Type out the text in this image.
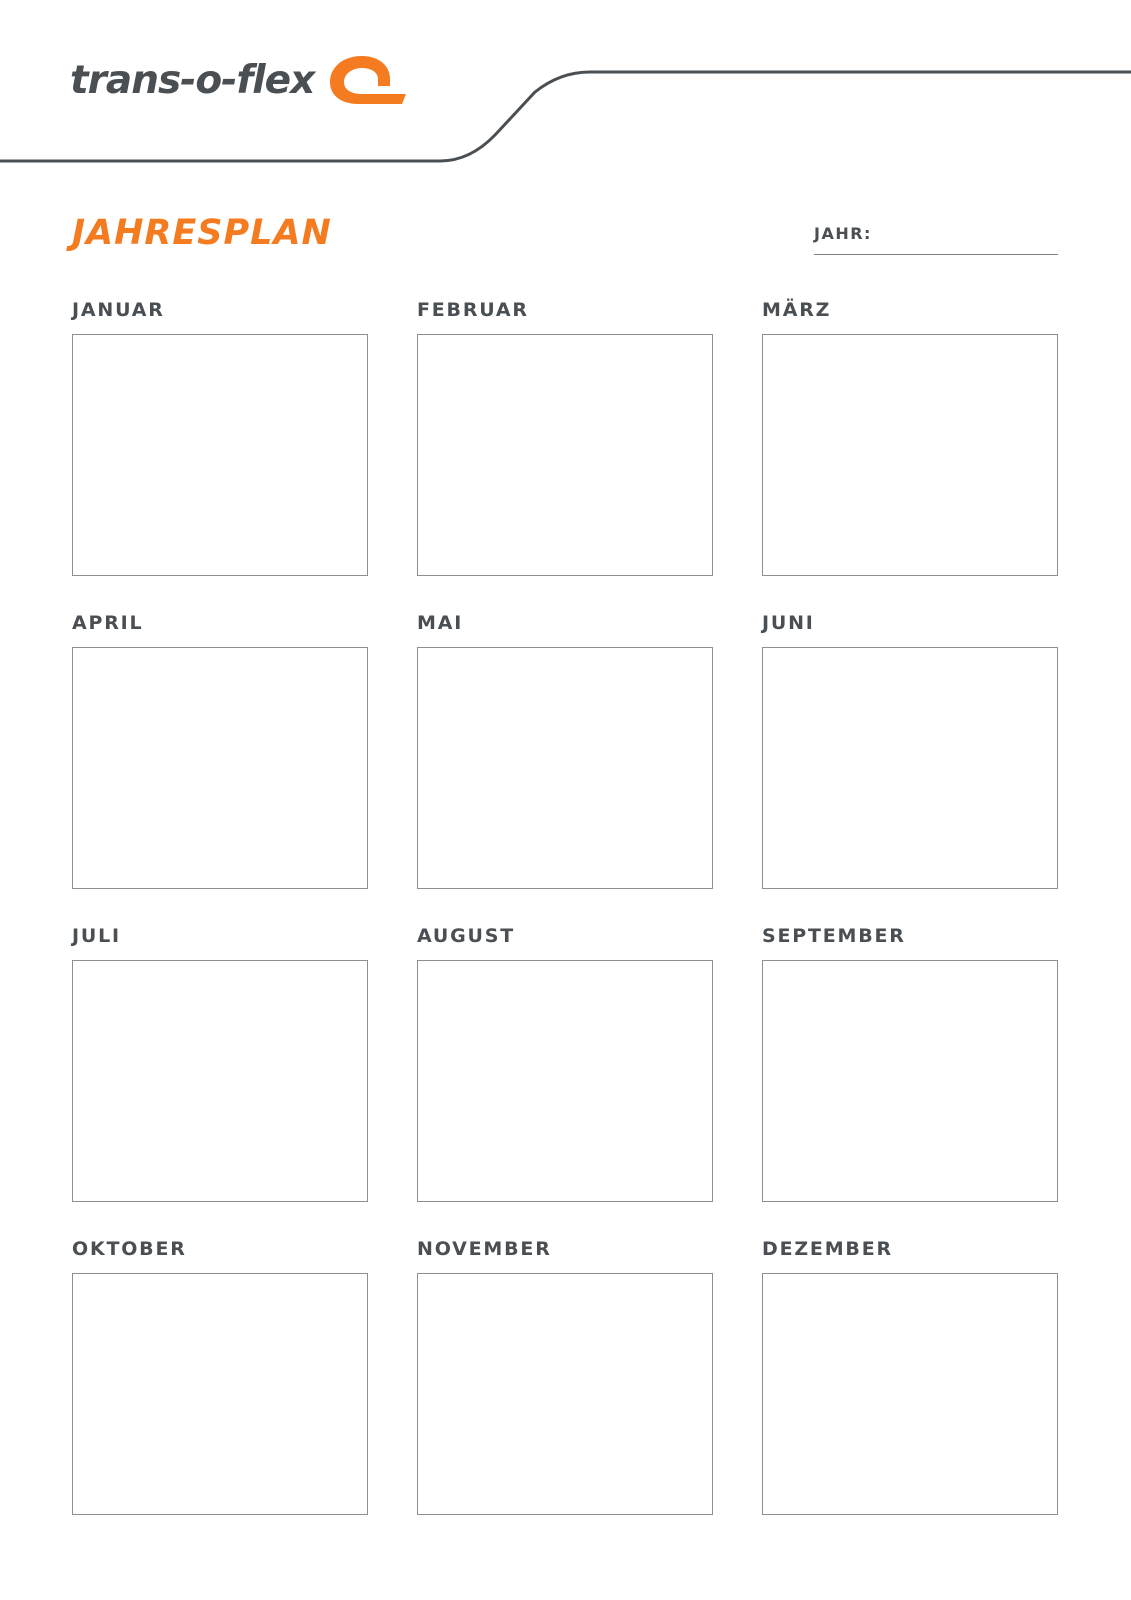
trans-o-flex
JAHRESPLAN	JAHR:
JANUAR	FEBRUAR	MÄRZ
APRIL	MAI	JUNI
JULI	AUGUST	SEPTEMBER
OKTOBER	NOVEMBER	DEZEMBER
